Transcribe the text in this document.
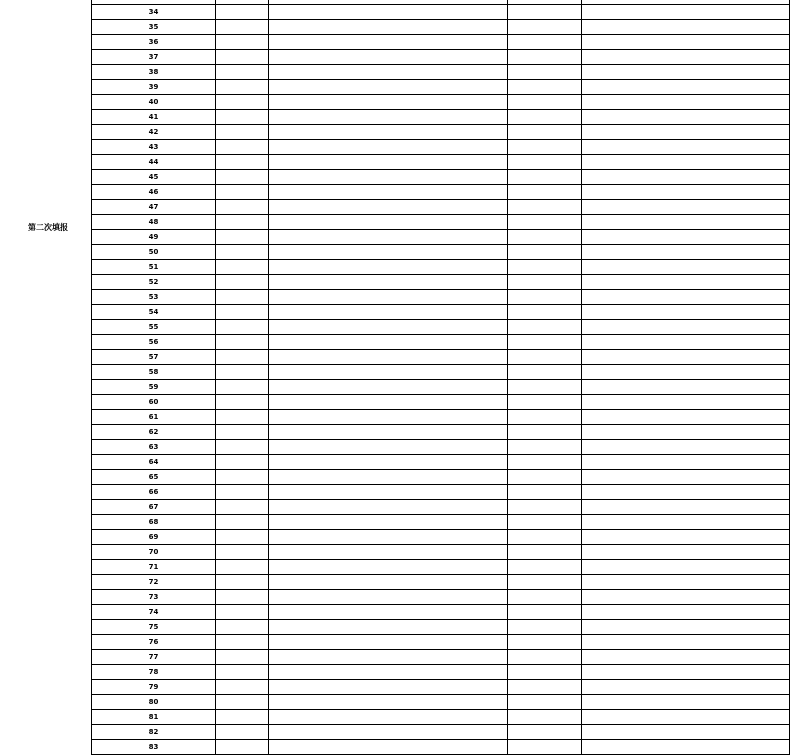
第二次填报

34				
35				
36				
37				
38				
39				
40				
41				
42				
43				
44				
45				
46				
47				
48				
49				
50				
51				
52				
53				
54				
55				
56				
57				
58				
59				
60				
61				
62				
63				
64				
65				
66				
67				
68				
69				
70				
71				
72				
73				
74				
75				
76				
77				
78				
79				
80				
81				
82				
83				
